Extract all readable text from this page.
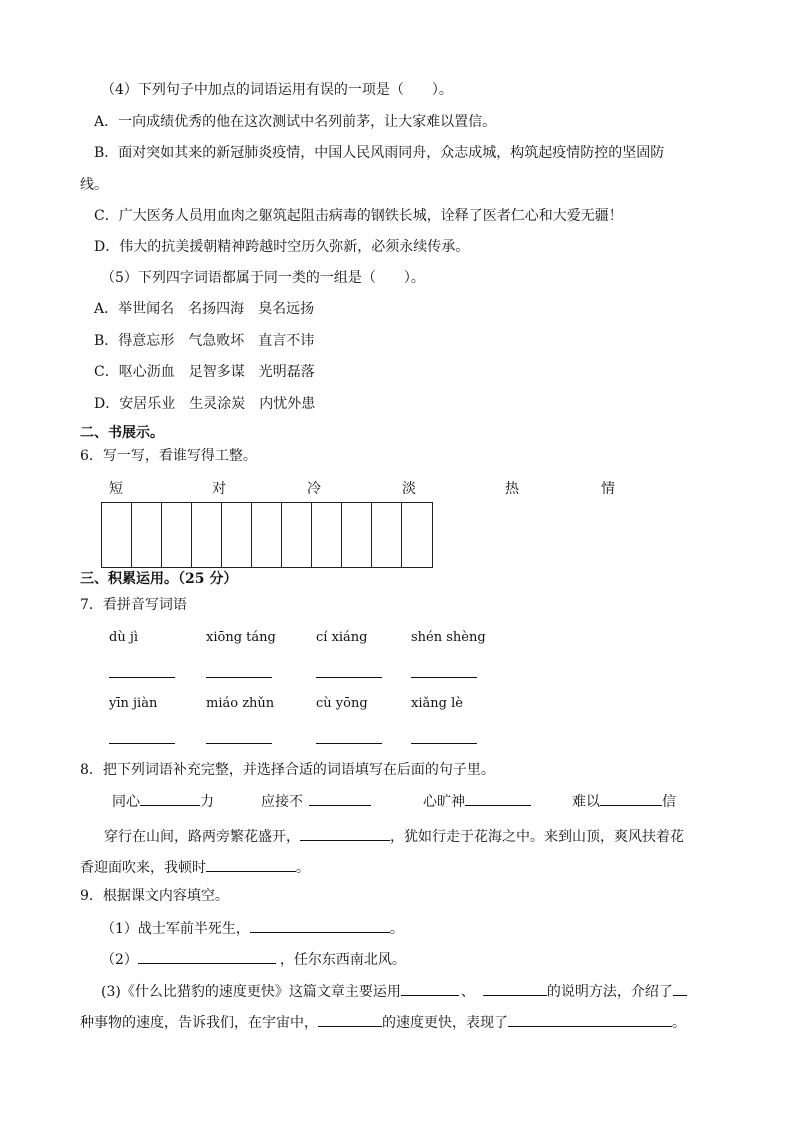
（4）下列句子中加点的词语运用有误的一项是（　　）。
A．一向成绩优秀的他在这次测试中名列前茅，让大家难以置信。
B．面对突如其来的新冠肺炎疫情，中国人民风雨同舟，众志成城，构筑起疫情防控的坚固防
线。
C．广大医务人员用血肉之躯筑起阻击病毒的钢铁长城，诠释了医者仁心和大爱无疆！
D．伟大的抗美援朝精神跨越时空历久弥新，必须永续传承。
（5）下列四字词语都属于同一类的一组是（　　）。
A．举世闻名　名扬四海　臭名远扬
B．得意忘形　气急败坏　直言不讳
C．呕心沥血　足智多谋　光明磊落
D．安居乐业　生灵涂炭　内忧外患
二、书展示。
6．写一写，看谁写得工整。
短	对	冷	淡	热	情
三、积累运用。（25 分）
7．看拼音写词语
dù jì	xiōng táng	cí xiáng	shén shèng
yīn jiàn	miáo zhǔn	cù yōng	xiǎng lè
8．把下列词语补充完整，并选择合适的词语填写在后面的句子里。
同心	力	应接不	心旷神	难以	信
穿行在山间，路两旁繁花盛开，	，犹如行走于花海之中。来到山顶，爽风扶着花
香迎面吹来，我顿时	。
9．根据课文内容填空。
（1）战士军前半死生，	。
（2）	，任尔东西南北风。
(3)《什么比猎豹的速度更快》这篇文章主要运用	、	的说明方法，介绍了
种事物的速度，告诉我们，在宇宙中，	的速度更快，表现了	。
